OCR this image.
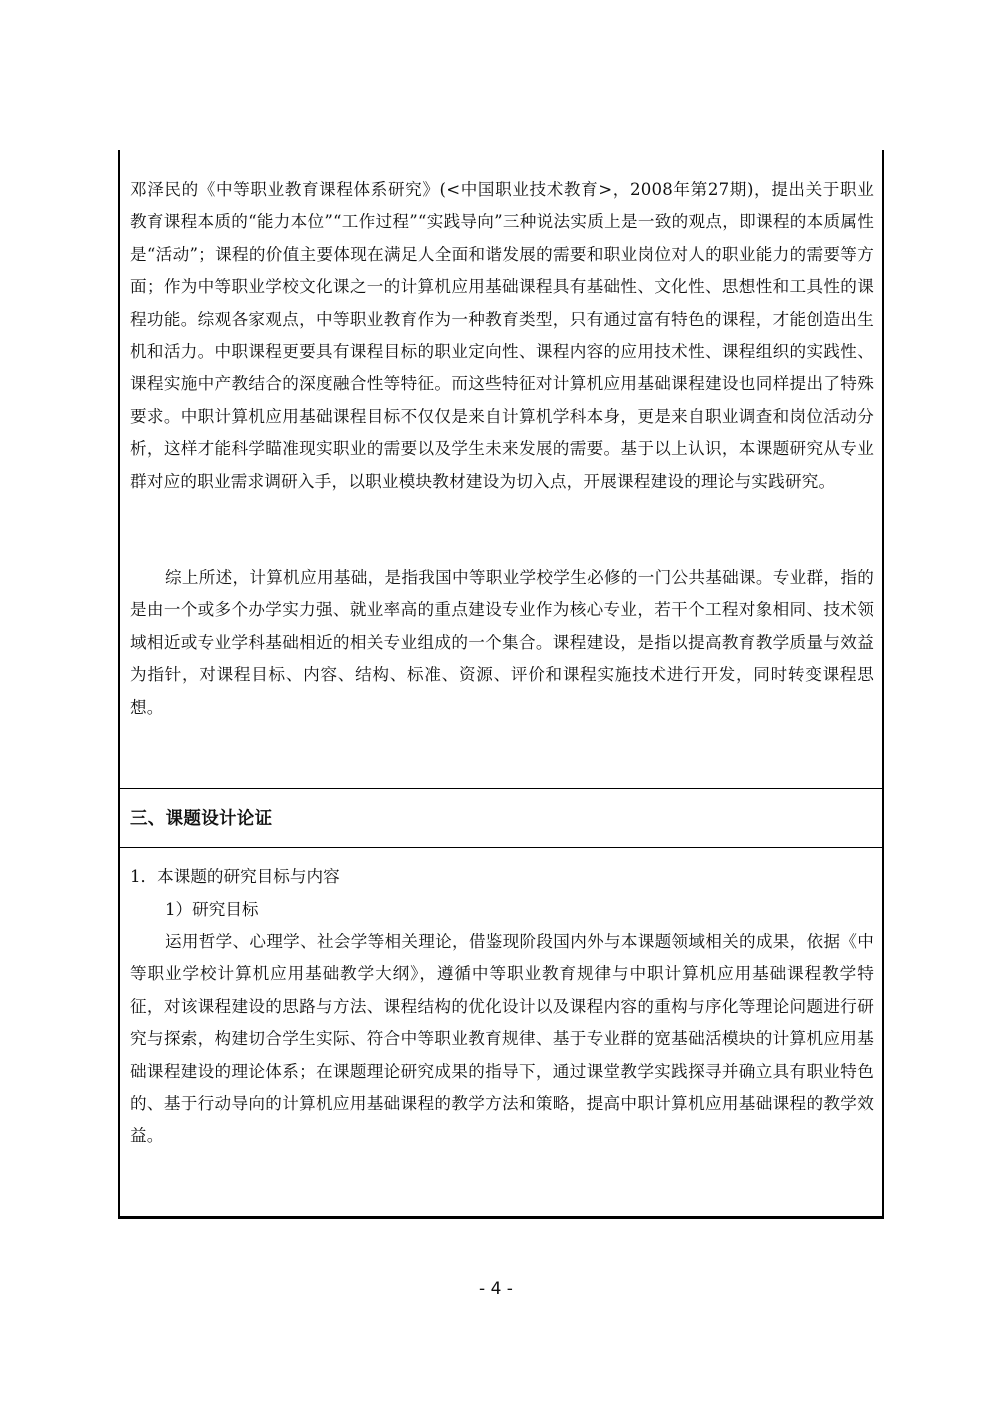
邓泽民的《中等职业教育课程体系研究》(<中国职业技术教育>，2008年第27期)，提出关于职业教育课程本质的“能力本位”“工作过程”“实践导向”三种说法实质上是一致的观点，即课程的本质属性是“活动”；课程的价值主要体现在满足人全面和谐发展的需要和职业岗位对人的职业能力的需要等方面；作为中等职业学校文化课之一的计算机应用基础课程具有基础性、文化性、思想性和工具性的课程功能。综观各家观点，中等职业教育作为一种教育类型，只有通过富有特色的课程，才能创造出生机和活力。中职课程更要具有课程目标的职业定向性、课程内容的应用技术性、课程组织的实践性、课程实施中产教结合的深度融合性等特征。而这些特征对计算机应用基础课程建设也同样提出了特殊要求。中职计算机应用基础课程目标不仅仅是来自计算机学科本身，更是来自职业调查和岗位活动分析，这样才能科学瞄准现实职业的需要以及学生未来发展的需要。基于以上认识，本课题研究从专业群对应的职业需求调研入手，以职业模块教材建设为切入点，开展课程建设的理论与实践研究。

综上所述，计算机应用基础，是指我国中等职业学校学生必修的一门公共基础课。专业群，指的是由一个或多个办学实力强、就业率高的重点建设专业作为核心专业，若干个工程对象相同、技术领域相近或专业学科基础相近的相关专业组成的一个集合。课程建设，是指以提高教育教学质量与效益为指针，对课程目标、内容、结构、标准、资源、评价和课程实施技术进行开发，同时转变课程思想。

三、课题设计论证
1．本课题的研究目标与内容
1）研究目标

运用哲学、心理学、社会学等相关理论，借鉴现阶段国内外与本课题领域相关的成果，依据《中等职业学校计算机应用基础教学大纲》，遵循中等职业教育规律与中职计算机应用基础课程教学特征，对该课程建设的思路与方法、课程结构的优化设计以及课程内容的重构与序化等理论问题进行研究与探索，构建切合学生实际、符合中等职业教育规律、基于专业群的宽基础活模块的计算机应用基础课程建设的理论体系；在课题理论研究成果的指导下，通过课堂教学实践探寻并确立具有职业特色的、基于行动导向的计算机应用基础课程的教学方法和策略，提高中职计算机应用基础课程的教学效益。

- 4 -
